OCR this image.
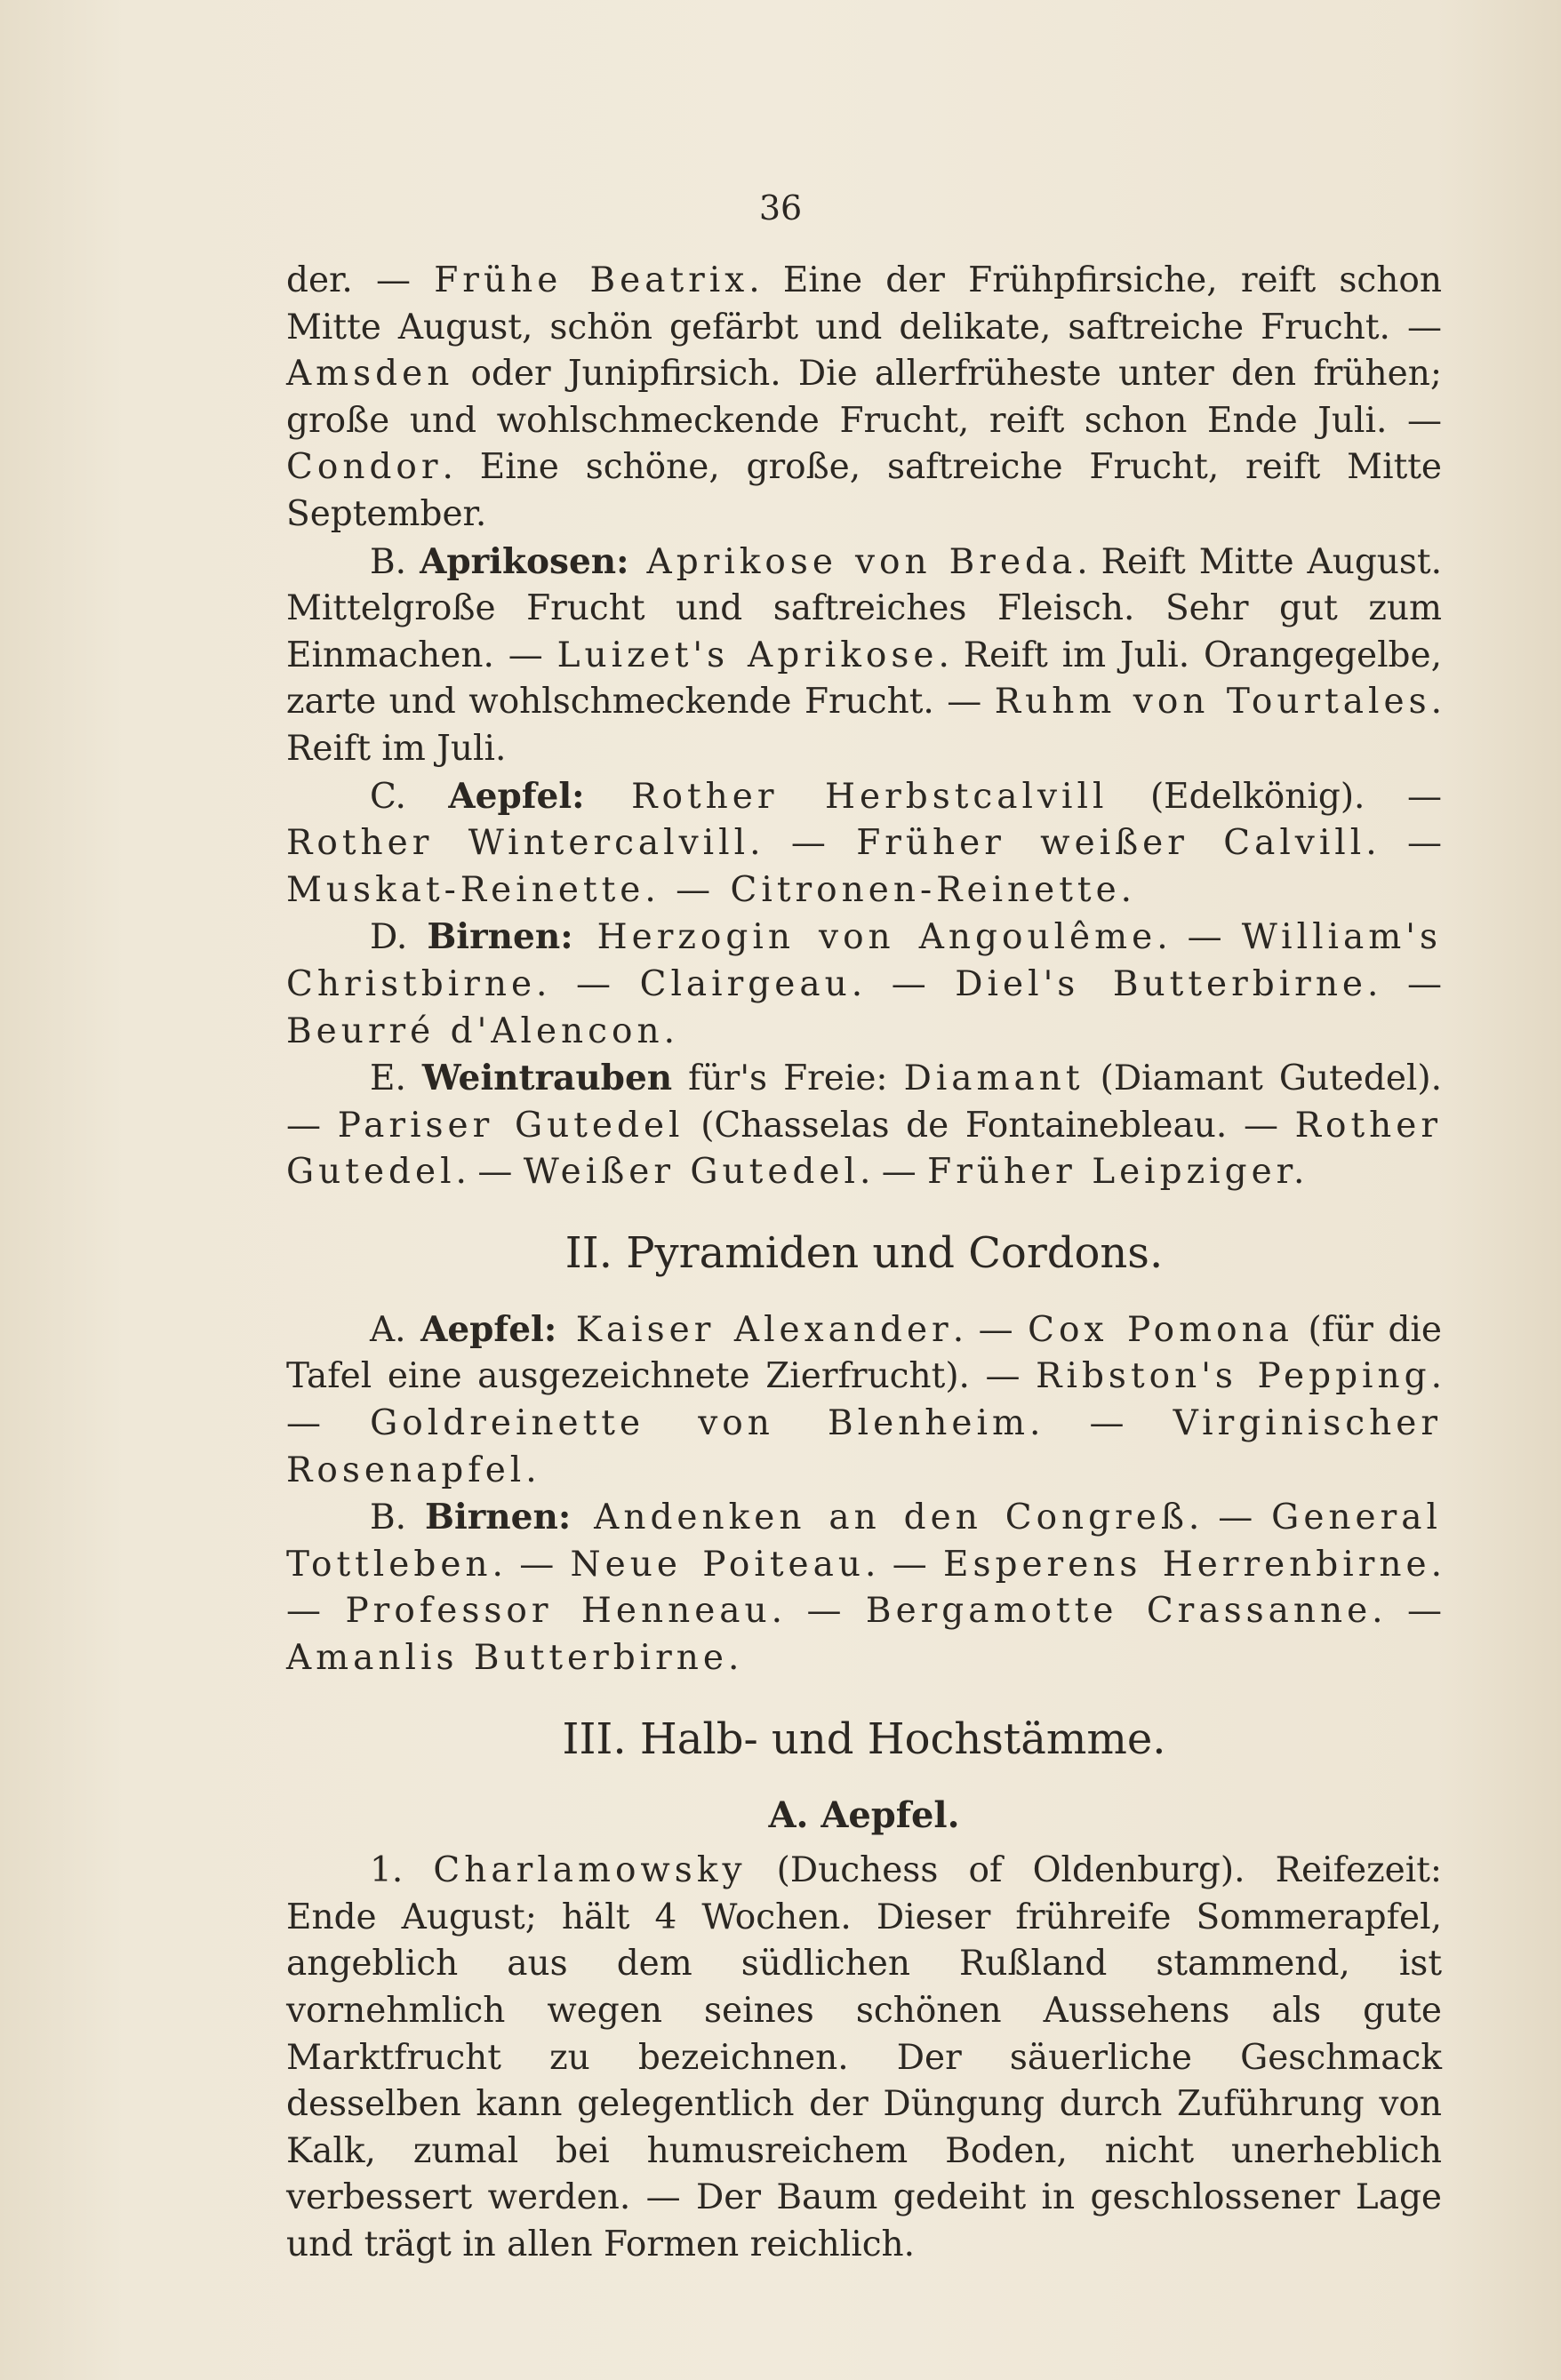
36

der. — Frühe Beatrix. Eine der Frühpfirsiche, reift schon Mitte August, schön gefärbt und delikate, saftreiche Frucht. — Amsden oder Junipfirsich. Die allerfrüheste unter den frühen; große und wohlschmeckende Frucht, reift schon Ende Juli. — Condor. Eine schöne, große, saftreiche Frucht, reift Mitte September.

B. Aprikosen: Aprikose von Breda. Reift Mitte August. Mittelgroße Frucht und saftreiches Fleisch. Sehr gut zum Einmachen. — Luizet's Aprikose. Reift im Juli. Orangegelbe, zarte und wohlschmeckende Frucht. — Ruhm von Tourtales. Reift im Juli.

C. Aepfel: Rother Herbstcalvill (Edelkönig). — Rother Wintercalvill. — Früher weißer Calvill. — Muskat-Reinette. — Citronen-Reinette.

D. Birnen: Herzogin von Angoulême. — William's Christbirne. — Clairgeau. — Diel's Butterbirne. — Beurré d'Alencon.

E. Weintrauben für's Freie: Diamant (Diamant Gutedel). — Pariser Gutedel (Chasselas de Fontainebleau. — Rother Gutedel. — Weißer Gutedel. — Früher Leipziger.

II. Pyramiden und Cordons.

A. Aepfel: Kaiser Alexander. — Cox Pomona (für die Tafel eine ausgezeichnete Zierfrucht). — Ribston's Pepping. — Goldreinette von Blenheim. — Virginischer Rosenapfel.

B. Birnen: Andenken an den Congreß. — General Tottleben. — Neue Poiteau. — Esperens Herrenbirne. — Professor Henneau. — Bergamotte Crassanne. — Amanlis Butterbirne.

III. Halb- und Hochstämme.
A. Aepfel.

1. Charlamowsky (Duchess of Oldenburg). Reifezeit: Ende August; hält 4 Wochen. Dieser frühreife Sommerapfel, angeblich aus dem südlichen Rußland stammend, ist vornehmlich wegen seines schönen Aussehens als gute Marktfrucht zu bezeichnen. Der säuerliche Geschmack desselben kann gelegentlich der Düngung durch Zuführung von Kalk, zumal bei humusreichem Boden, nicht unerheblich verbessert werden. — Der Baum gedeiht in geschlossener Lage und trägt in allen Formen reichlich.
